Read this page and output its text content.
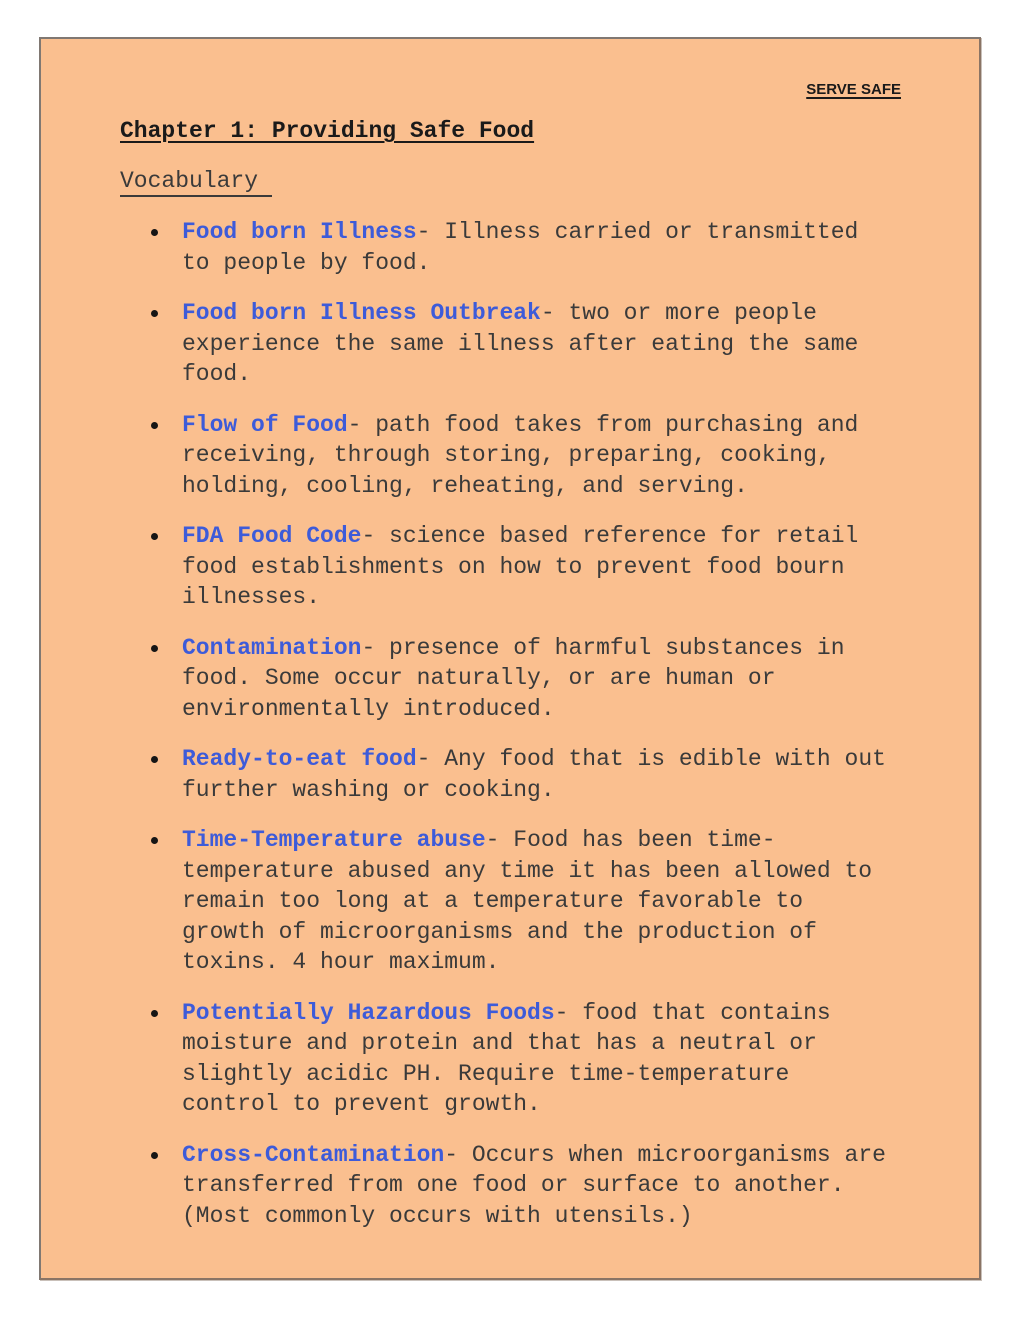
SERVE SAFE
Chapter 1: Providing Safe Food
Vocabulary
Food born Illness- Illness carried or transmitted to people by food.
Food born Illness Outbreak- two or more people experience the same illness after eating the same food.
Flow of Food- path food takes from purchasing and receiving, through storing, preparing, cooking, holding, cooling, reheating, and serving.
FDA Food Code- science based reference for retail food establishments on how to prevent food bourn illnesses.
Contamination- presence of harmful substances in food. Some occur naturally, or are human or environmentally introduced.
Ready-to-eat food- Any food that is edible with out further washing or cooking.
Time-Temperature abuse- Food has been time-temperature abused any time it has been allowed to remain too long at a temperature favorable to growth of microorganisms and the production of toxins. 4 hour maximum.
Potentially Hazardous Foods- food that contains moisture and protein and that has a neutral or slightly acidic PH. Require time-temperature control to prevent growth.
Cross-Contamination- Occurs when microorganisms are transferred from one food or surface to another. (Most commonly occurs with utensils.)
